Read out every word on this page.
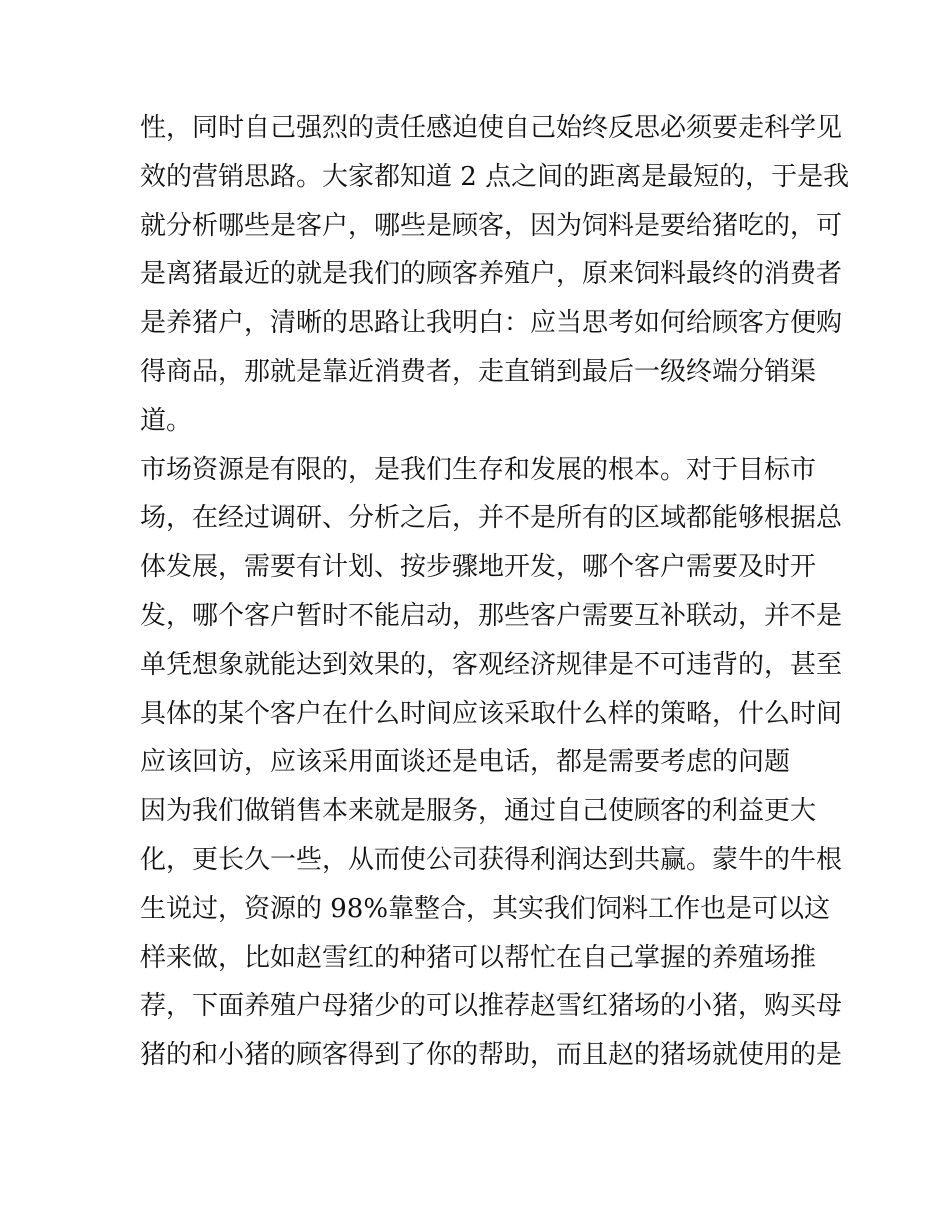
性，同时自己强烈的责任感迫使自己始终反思必须要走科学见
效的营销思路。大家都知道 2 点之间的距离是最短的，于是我
就分析哪些是客户，哪些是顾客，因为饲料是要给猪吃的，可
是离猪最近的就是我们的顾客养殖户，原来饲料最终的消费者
是养猪户，清晰的思路让我明白：应当思考如何给顾客方便购
得商品，那就是靠近消费者，走直销到最后一级终端分销渠
道。
市场资源是有限的，是我们生存和发展的根本。对于目标市
场，在经过调研、分析之后，并不是所有的区域都能够根据总
体发展，需要有计划、按步骤地开发，哪个客户需要及时开
发，哪个客户暂时不能启动，那些客户需要互补联动，并不是
单凭想象就能达到效果的，客观经济规律是不可违背的，甚至
具体的某个客户在什么时间应该采取什么样的策略，什么时间
应该回访，应该采用面谈还是电话，都是需要考虑的问题
因为我们做销售本来就是服务，通过自己使顾客的利益更大
化，更长久一些，从而使公司获得利润达到共赢。蒙牛的牛根
生说过，资源的 98%靠整合，其实我们饲料工作也是可以这
样来做，比如赵雪红的种猪可以帮忙在自己掌握的养殖场推
荐，下面养殖户母猪少的可以推荐赵雪红猪场的小猪，购买母
猪的和小猪的顾客得到了你的帮助，而且赵的猪场就使用的是
